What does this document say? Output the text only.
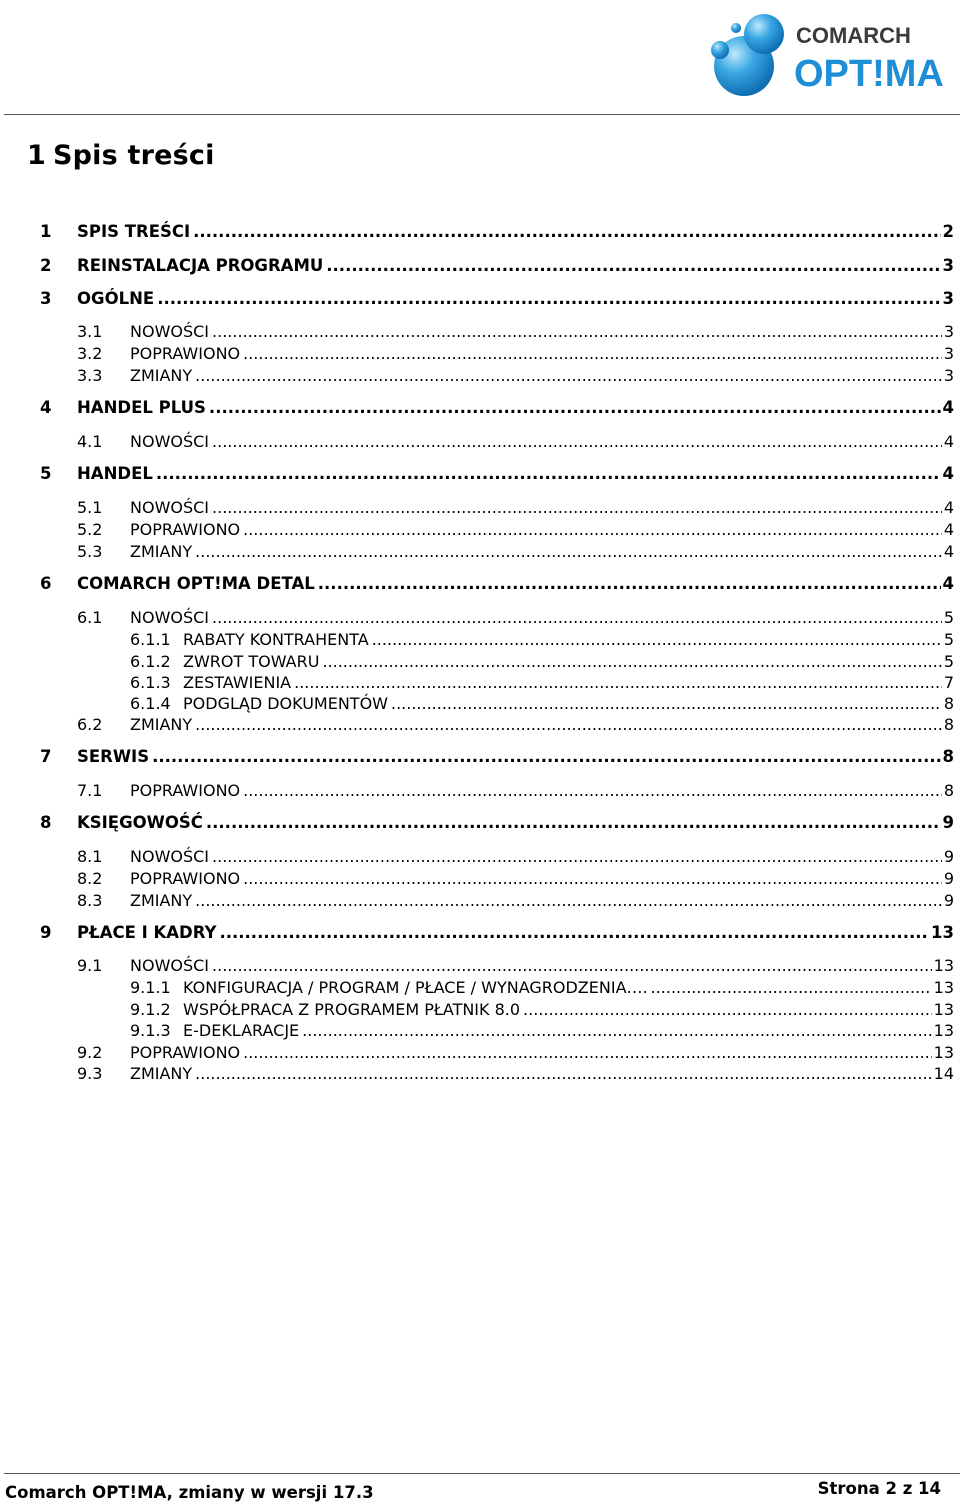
COMARCH
OPT!MA
1 Spis treści
1	SPIS TREŚCI .....	2
2	REINSTALACJA PROGRAMU .....	3
3	OGÓLNE .....	3
3.1	NOWOŚCI .....	3
3.2	POPRAWIONO .....	3
3.3	ZMIANY .....	3
4	HANDEL PLUS .....	4
4.1	NOWOŚCI .....	4
5	HANDEL .....	4
5.1	NOWOŚCI .....	4
5.2	POPRAWIONO .....	4
5.3	ZMIANY .....	4
6	COMARCH OPT!MA DETAL .....	4
6.1	NOWOŚCI .....	5
6.1.1 RABATY KONTRAHENTA .....	5
6.1.2 ZWROT TOWARU .....	5
6.1.3 ZESTAWIENIA .....	7
6.1.4 PODGLĄD DOKUMENTÓW .....	8
6.2	ZMIANY .....	8
7	SERWIS .....	8
7.1	POPRAWIONO .....	8
8	KSIĘGOWOŚĆ .....	9
8.1	NOWOŚCI .....	9
8.2	POPRAWIONO .....	9
8.3	ZMIANY .....	9
9	PŁACE I KADRY .....	13
9.1	NOWOŚCI .....	13
9.1.1 KONFIGURACJA / PROGRAM / PŁACE / WYNAGRODZENIA…. .....	13
9.1.2 WSPÓŁPRACA Z PROGRAMEM PŁATNIK 8.0 .....	13
9.1.3 E-DEKLARACJE .....	13
9.2	POPRAWIONO .....	13
9.3	ZMIANY .....	14
Comarch OPT!MA, zmiany w wersji 17.3	Strona 2 z 14
